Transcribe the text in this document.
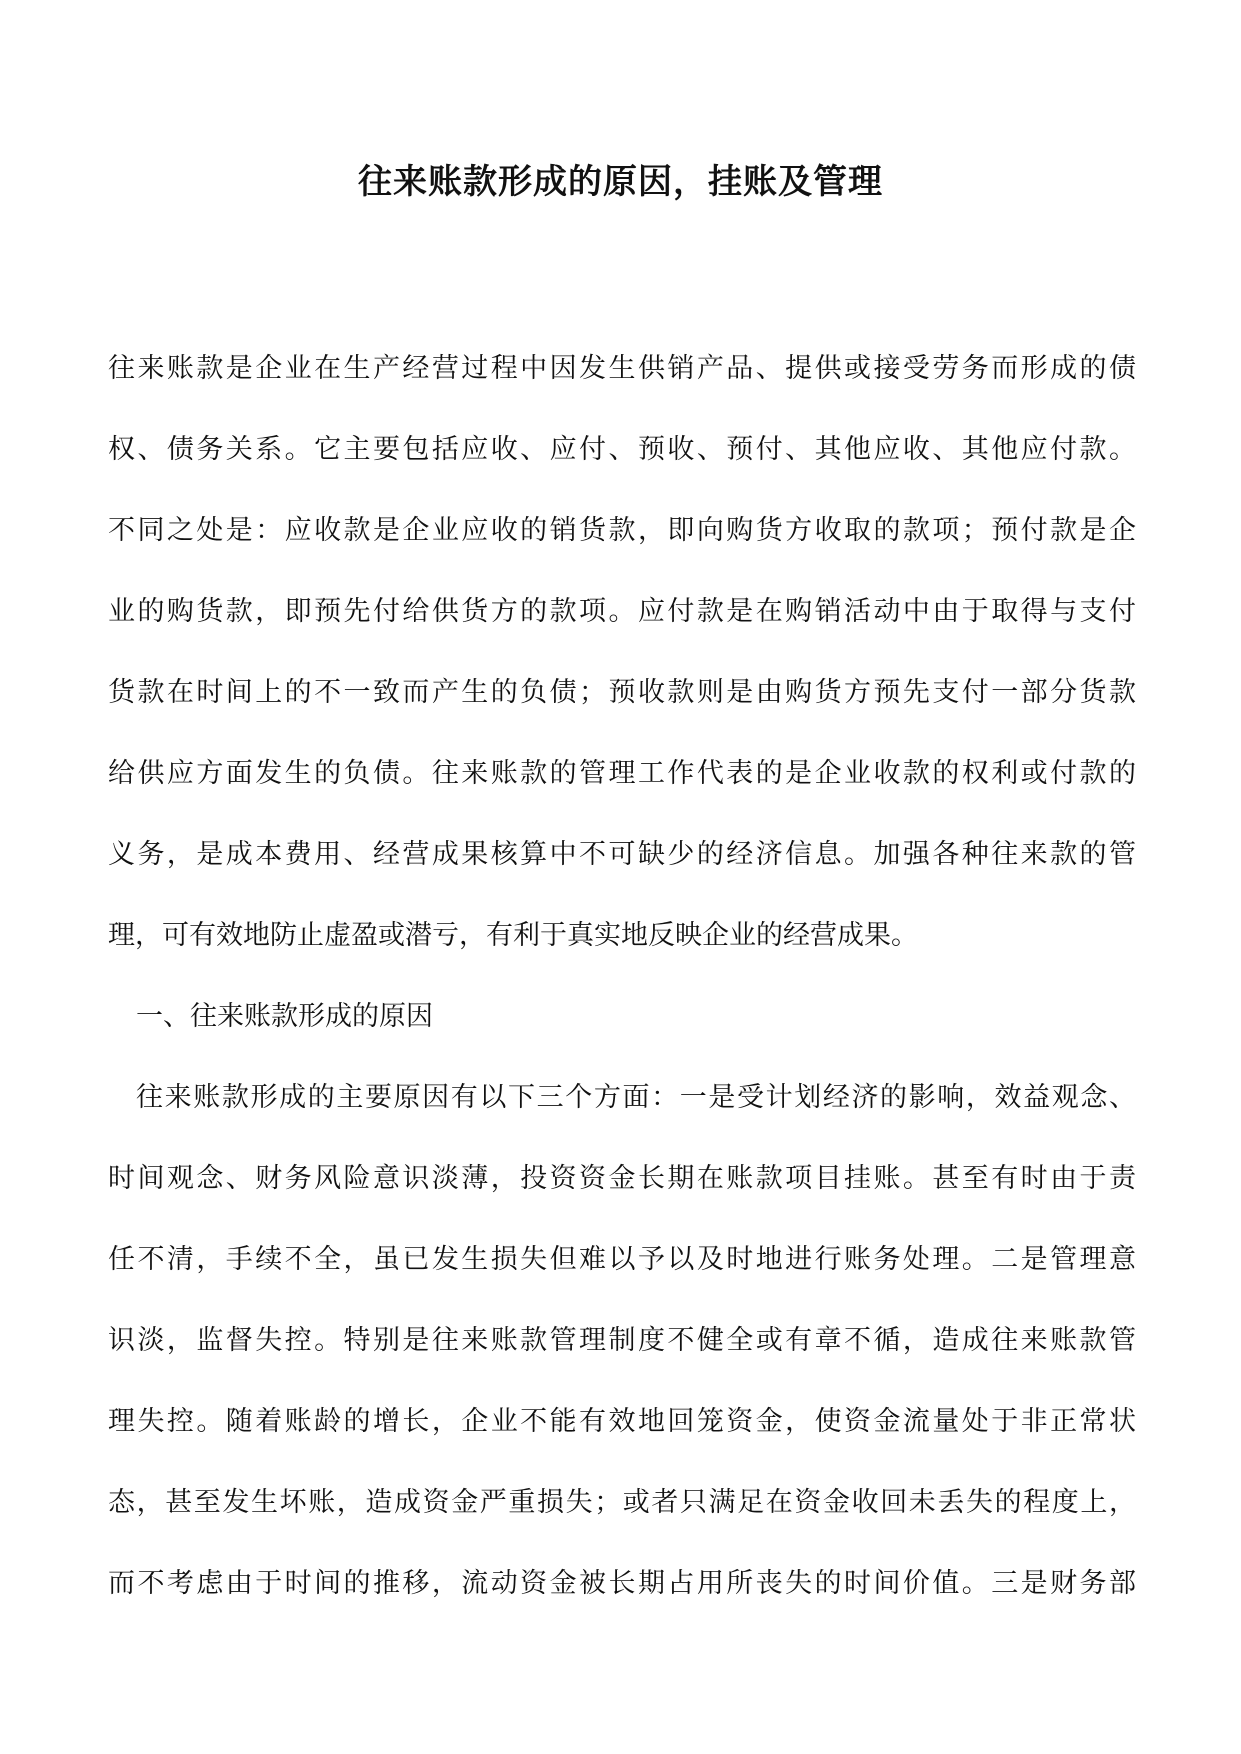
往来账款形成的原因，挂账及管理
往来账款是企业在生产经营过程中因发生供销产品、提供或接受劳务而形成的债
权、债务关系。它主要包括应收、应付、预收、预付、其他应收、其他应付款。
不同之处是：应收款是企业应收的销货款，即向购货方收取的款项；预付款是企
业的购货款，即预先付给供货方的款项。应付款是在购销活动中由于取得与支付
货款在时间上的不一致而产生的负债；预收款则是由购货方预先支付一部分货款
给供应方面发生的负债。往来账款的管理工作代表的是企业收款的权利或付款的
义务，是成本费用、经营成果核算中不可缺少的经济信息。加强各种往来款的管
理，可有效地防止虚盈或潜亏，有利于真实地反映企业的经营成果。
一、往来账款形成的原因
往来账款形成的主要原因有以下三个方面：一是受计划经济的影响，效益观念、
时间观念、财务风险意识淡薄，投资资金长期在账款项目挂账。甚至有时由于责
任不清，手续不全，虽已发生损失但难以予以及时地进行账务处理。二是管理意
识淡，监督失控。特别是往来账款管理制度不健全或有章不循，造成往来账款管
理失控。随着账龄的增长，企业不能有效地回笼资金，使资金流量处于非正常状
态，甚至发生坏账，造成资金严重损失；或者只满足在资金收回未丢失的程度上，
而不考虑由于时间的推移，流动资金被长期占用所丧失的时间价值。三是财务部
